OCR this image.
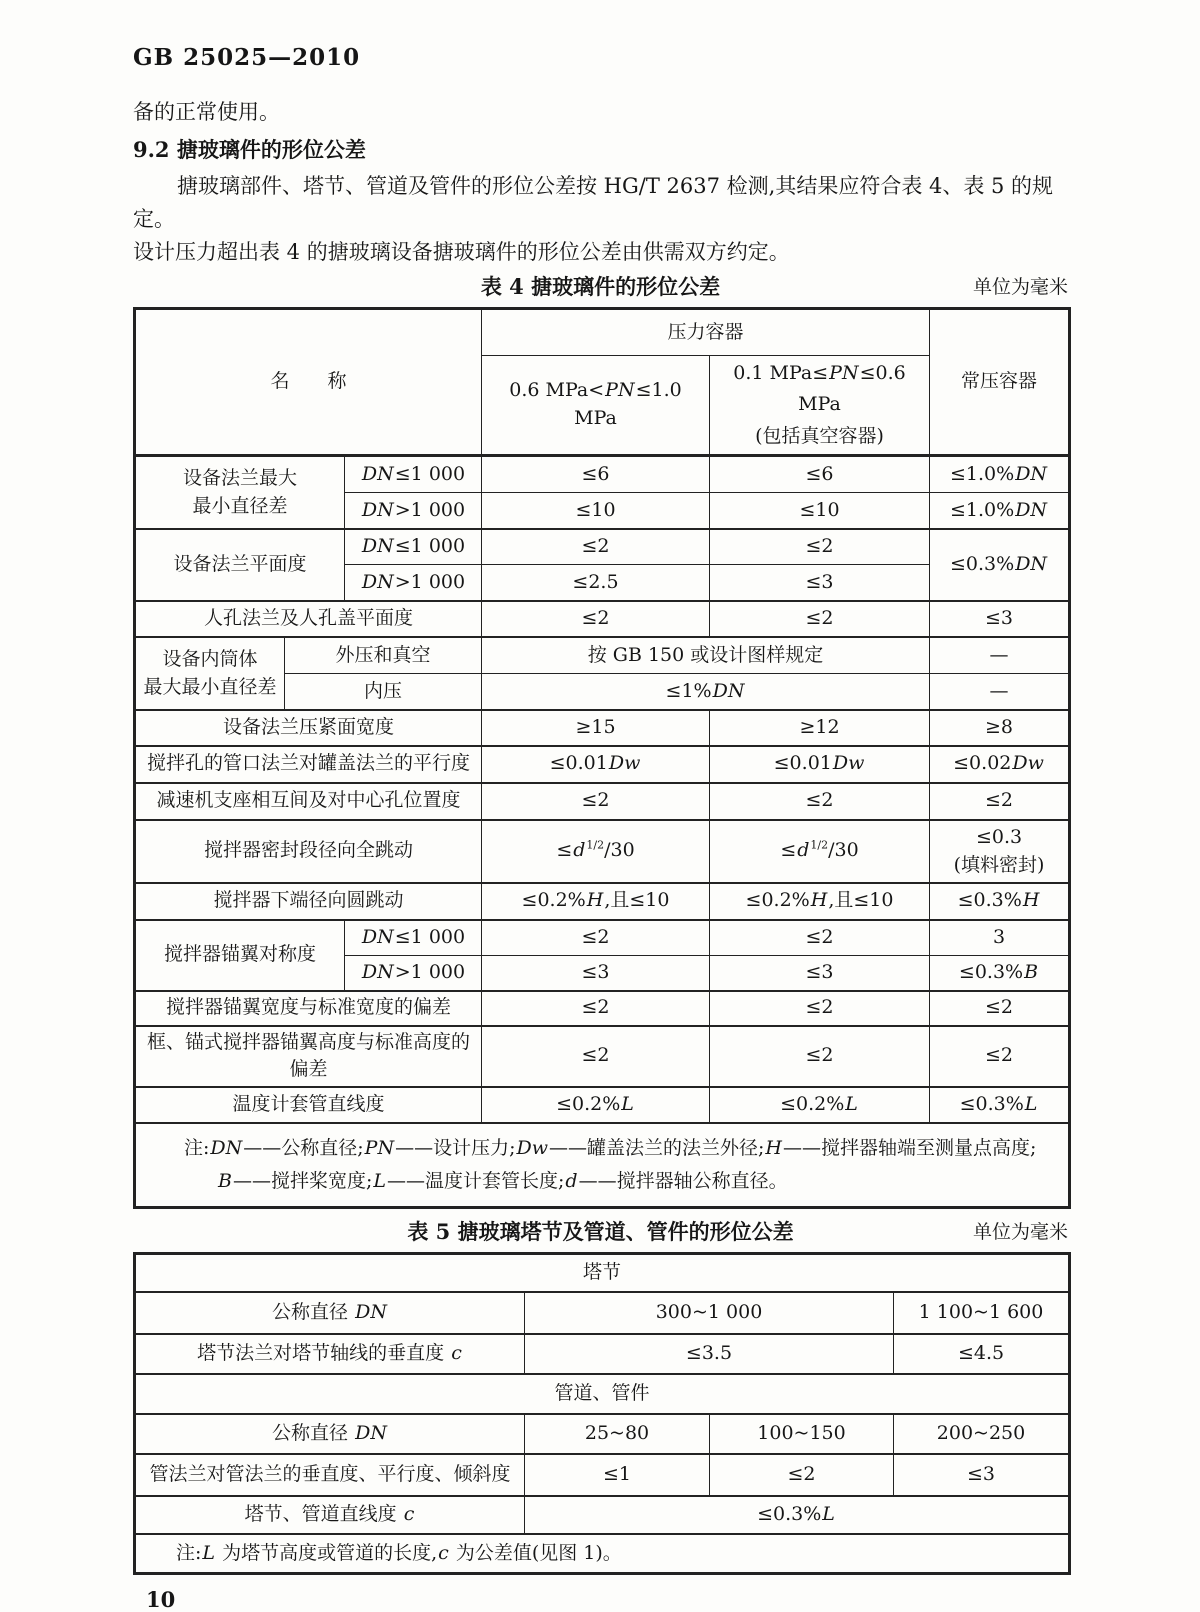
GB 25025—2010
备的正常使用。
9.2 搪玻璃件的形位公差
搪玻璃部件、塔节、管道及管件的形位公差按 HG/T 2637 检测,其结果应符合表 4、表 5 的规定。
设计压力超出表 4 的搪玻璃设备搪玻璃件的形位公差由供需双方约定。
表 4 搪玻璃件的形位公差	单位为毫米
名　　称			压力容器		常压容器
			0.6 MPa<PN≤1.0 MPa	0.1 MPa≤PN≤0.6 MPa
(包括真空容器)	

设备法兰最大
最小直径差		DN≤1 000	≤6	≤6	≤1.0%DN
		DN>1 000	≤10	≤10	≤1.0%DN
设备法兰平面度		DN≤1 000	≤2	≤2	≤0.3%DN
		DN>1 000	≤2.5	≤3	
人孔法兰及人孔盖平面度			≤2	≤2	≤3

设备内筒体
最大最小直径差	外压和真空		按 GB 150 或设计图样规定		—
	内压		≤1%DN		—
设备法兰压紧面宽度			≥15	≥12	≥8
搅拌孔的管口法兰对罐盖法兰的平行度			≤0.01Dw	≤0.01Dw	≤0.02Dw
减速机支座相互间及对中心孔位置度			≤2	≤2	≤2
搅拌器密封段径向全跳动			$\le d^{1/2}/30$	$\le d^{1/2}/30$	≤0.3
(填料密封)

搅拌器下端径向圆跳动			≤0.2%H,且≤10	≤0.2%H,且≤10	≤0.3%H
搅拌器锚翼对称度		DN≤1 000	≤2	≤2	3
		DN>1 000	≤3	≤3	≤0.3%B
搅拌器锚翼宽度与标准宽度的偏差			≤2	≤2	≤2
框、锚式搅拌器锚翼高度与标准高度的偏差			≤2	≤2	≤2
温度计套管直线度			≤0.2%L	≤0.2%L	≤0.3%L

注:DN——公称直径;PN——设计压力;Dw——罐盖法兰的法兰外径;H——搅拌器轴端至测量点高度;
B——搅拌桨宽度;L——温度计套管长度;d——搅拌器轴公称直径。					
表 5 搪玻璃塔节及管道、管件的形位公差	单位为毫米
塔节			
公称直径 DN	300~1 000		1 100~1 600
塔节法兰对塔节轴线的垂直度 c	≤3.5		≤4.5
管道、管件			
公称直径 DN	25~80	100~150	200~250
管法兰对管法兰的垂直度、平行度、倾斜度	≤1	≤2	≤3
塔节、管道直线度 c	≤0.3%L		
注:L 为塔节高度或管道的长度,c 为公差值(见图 1)。			
10
